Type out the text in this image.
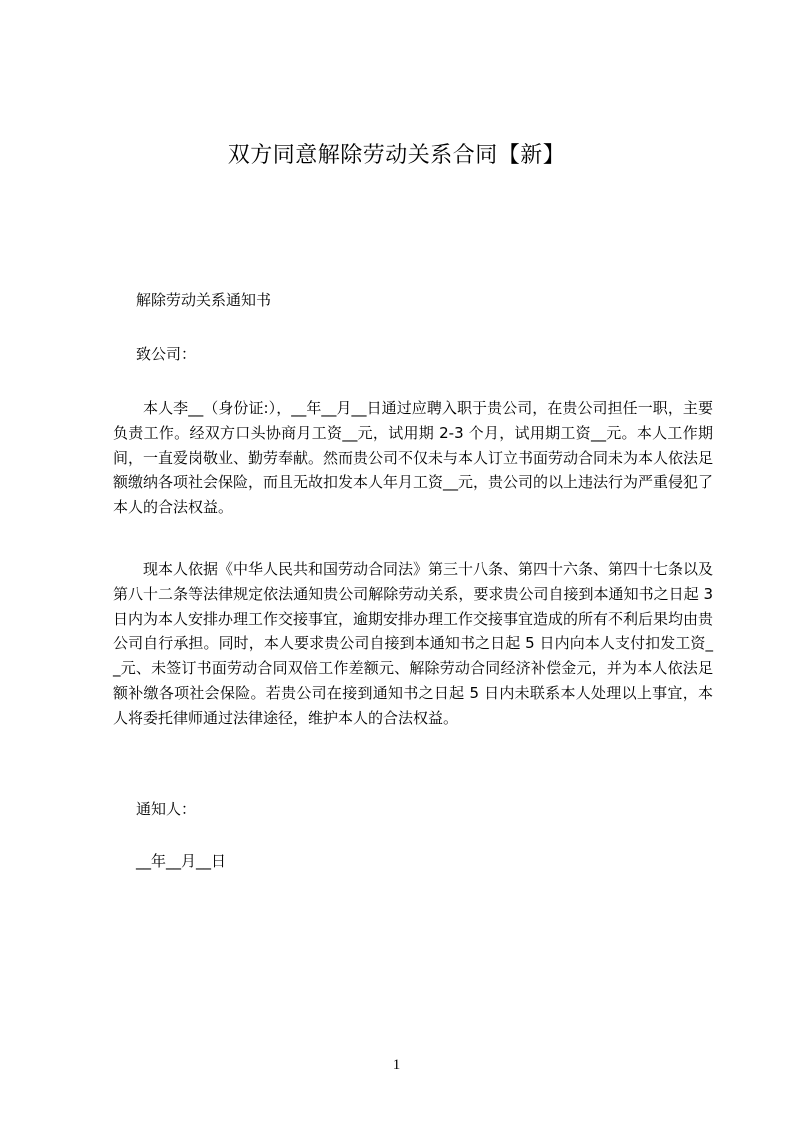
双方同意解除劳动关系合同【新】

解除劳动关系通知书

致公司：

本人李__（身份证:），__年__月__日通过应聘入职于贵公司，在贵公司担任一职，主要负责工作。经双方口头协商月工资__元，试用期 2-3 个月，试用期工资__元。本人工作期间，一直爱岗敬业、勤劳奉献。然而贵公司不仅未与本人订立书面劳动合同未为本人依法足额缴纳各项社会保险，而且无故扣发本人年月工资__元，贵公司的以上违法行为严重侵犯了本人的合法权益。

现本人依据《中华人民共和国劳动合同法》第三十八条、第四十六条、第四十七条以及第八十二条等法律规定依法通知贵公司解除劳动关系，要求贵公司自接到本通知书之日起 3 日内为本人安排办理工作交接事宜，逾期安排办理工作交接事宜造成的所有不利后果均由贵公司自行承担。同时，本人要求贵公司自接到本通知书之日起 5 日内向本人支付扣发工资__元、未签订书面劳动合同双倍工作差额元、解除劳动合同经济补偿金元，并为本人依法足额补缴各项社会保险。若贵公司在接到通知书之日起 5 日内未联系本人处理以上事宜，本人将委托律师通过法律途径，维护本人的合法权益。

通知人：

__年__月__日

1
